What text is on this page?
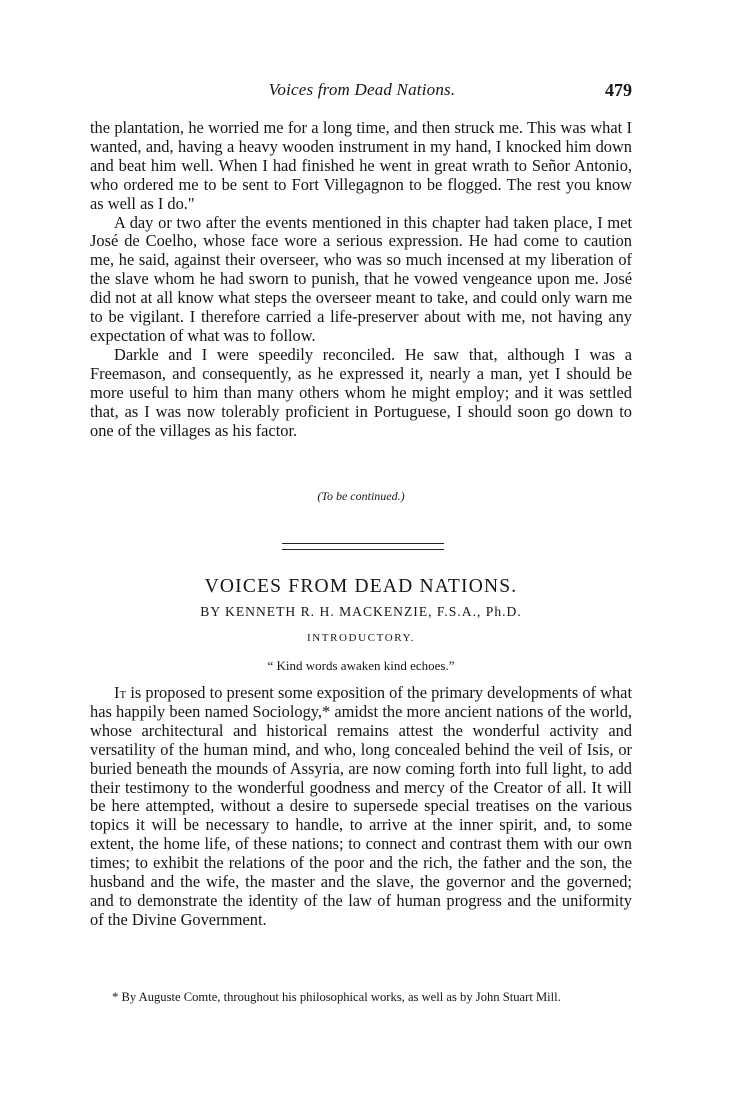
Voices from Dead Nations.	479

the plantation, he worried me for a long time, and then struck me. This was what I wanted, and, having a heavy wooden instrument in my hand, I knocked him down and beat him well. When I had finished he went in great wrath to Señor Antonio, who ordered me to be sent to Fort Villegagnon to be flogged. The rest you know as well as I do."

A day or two after the events mentioned in this chapter had taken place, I met José de Coelho, whose face wore a serious expression. He had come to caution me, he said, against their overseer, who was so much incensed at my liberation of the slave whom he had sworn to punish, that he vowed vengeance upon me. José did not at all know what steps the overseer meant to take, and could only warn me to be vigilant. I therefore carried a life-preserver about with me, not having any expectation of what was to follow.

Darkle and I were speedily reconciled. He saw that, although I was a Freemason, and consequently, as he expressed it, nearly a man, yet I should be more useful to him than many others whom he might employ; and it was settled that, as I was now tolerably proficient in Portuguese, I should soon go down to one of the villages as his factor.

(To be continued.)
VOICES FROM DEAD NATIONS.
BY KENNETH R. H. MACKENZIE, F.S.A., Ph.D.
INTRODUCTORY.
“ Kind words awaken kind echoes.”

It is proposed to present some exposition of the primary developments of what has happily been named Sociology,* amidst the more ancient nations of the world, whose architectural and historical remains attest the wonderful activity and versatility of the human mind, and who, long concealed behind the veil of Isis, or buried beneath the mounds of Assyria, are now coming forth into full light, to add their testimony to the wonderful goodness and mercy of the Creator of all. It will be here attempted, without a desire to supersede special treatises on the various topics it will be necessary to handle, to arrive at the inner spirit, and, to some extent, the home life, of these nations; to connect and contrast them with our own times; to exhibit the relations of the poor and the rich, the father and the son, the husband and the wife, the master and the slave, the governor and the governed; and to demonstrate the identity of the law of human progress and the uniformity of the Divine Government.

* By Auguste Comte, throughout his philosophical works, as well as by John Stuart Mill.
